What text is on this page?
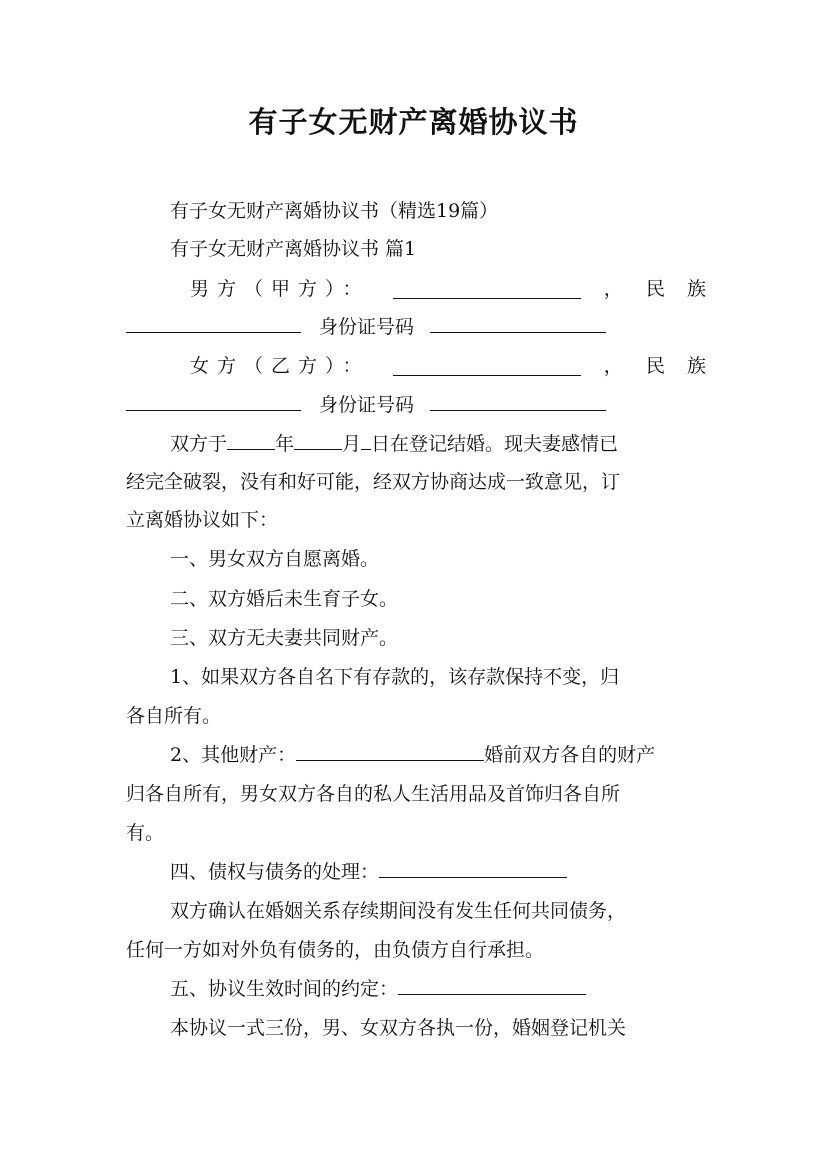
有子女无财产离婚协议书
有子女无财产离婚协议书（精选19篇）
有子女无财产离婚协议书 篇1
男方（甲方）：	， 民族
身份证号码
女方（乙方）：	， 民族
身份证号码
双方于	年	月 日在登记结婚。现夫妻感情已
经完全破裂，没有和好可能，经双方协商达成一致意见，订
立离婚协议如下：
一、男女双方自愿离婚。
二、双方婚后未生育子女。
三、双方无夫妻共同财产。
1、如果双方各自名下有存款的，该存款保持不变，归
各自所有。
2、其他财产：	婚前双方各自的财产
归各自所有，男女双方各自的私人生活用品及首饰归各自所
有。
四、债权与债务的处理：
双方确认在婚姻关系存续期间没有发生任何共同债务，
任何一方如对外负有债务的，由负债方自行承担。
五、协议生效时间的约定：
本协议一式三份，男、女双方各执一份，婚姻登记机关
